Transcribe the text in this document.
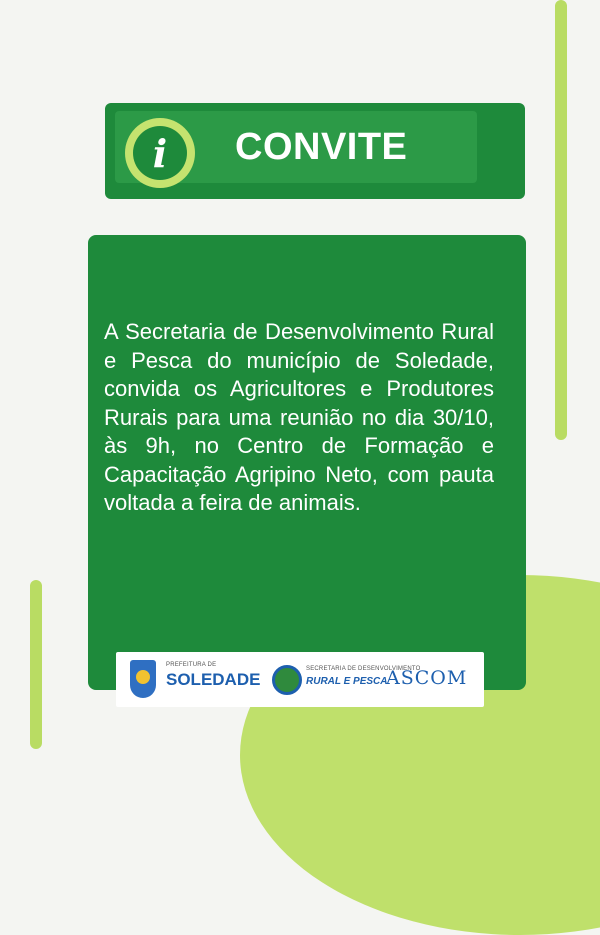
i	CONVITE
A Secretaria de Desenvolvimento Rural e Pesca do município de Soledade, convida os Agricultores e Produtores Rurais para uma reunião no dia 30/10, às 9h, no Centro de Formação e Capacitação Agripino Neto, com pauta voltada a feira de animais.
PREFEITURA DE
SOLEDADE
SECRETARIA DE DESENVOLVIMENTO
RURAL E PESCA
ASCOM
